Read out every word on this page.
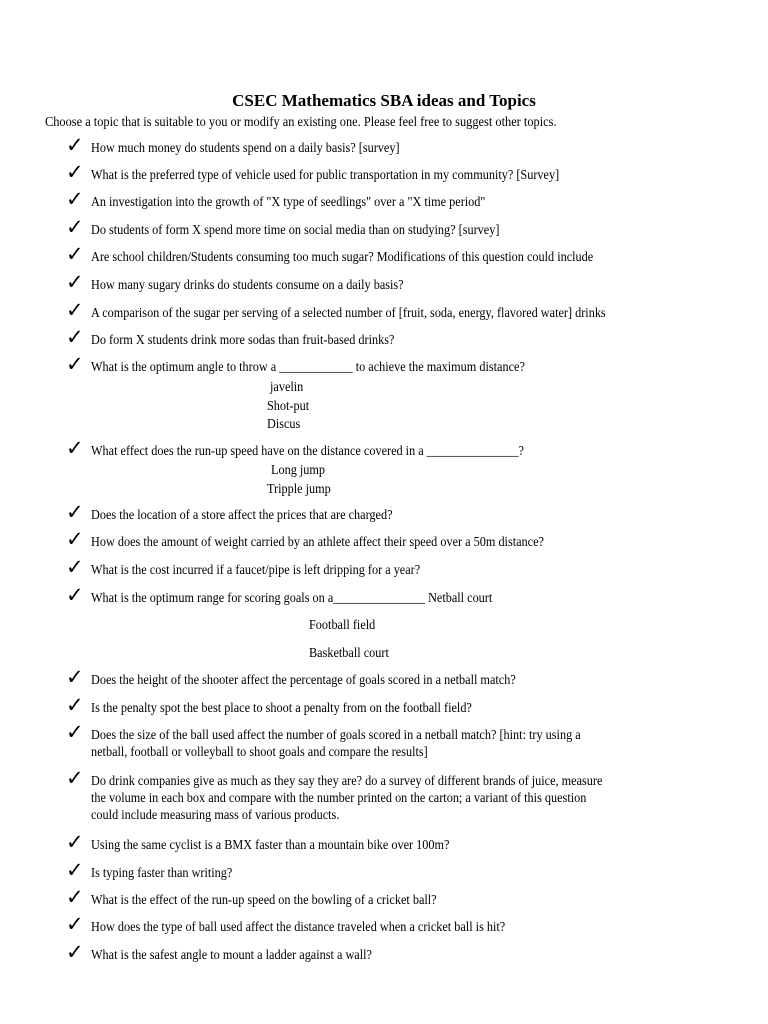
CSEC Mathematics SBA ideas and Topics
Choose a topic that is suitable to you or modify an existing one. Please feel free to suggest other topics.
✓ How much money do students spend on a daily basis? [survey]
✓ What is the preferred type of vehicle used for public transportation in my community? [Survey]
✓ An investigation into the growth of "X type of seedlings" over a "X time period"
✓ Do students of form X spend more time on social media than on studying? [survey]
✓ Are school children/Students consuming too much sugar? Modifications of this question could include
✓ How many sugary drinks do students consume on a daily basis?
✓ A comparison of the sugar per serving of a selected number of [fruit, soda, energy, flavored water] drinks
✓ Do form X students drink more sodas than fruit-based drinks?
✓ What is the optimum angle to throw a ____________ to achieve the maximum distance?
javelin
Shot-put
Discus
✓ What effect does the run-up speed have on the distance covered in a _______________?
Long jump
Tripple jump
✓ Does the location of a store affect the prices that are charged?
✓ How does the amount of weight carried by an athlete affect their speed over a 50m distance?
✓ What is the cost incurred if a faucet/pipe is left dripping for a year?
✓ What is the optimum range for scoring goals on a_______________ Netball court
Football field
Basketball court
✓ Does the height of the shooter affect the percentage of goals scored in a netball match?
✓ Is the penalty spot the best place to shoot a penalty from on the football field?
✓ Does the size of the ball used affect the number of goals scored in a netball match? [hint: try using a
netball, football or volleyball to shoot goals and compare the results]
✓ Do drink companies give as much as they say they are? do a survey of different brands of juice, measure
the volume in each box and compare with the number printed on the carton; a variant of this question
could include measuring mass of various products.
✓ Using the same cyclist is a BMX faster than a mountain bike over 100m?
✓ Is typing faster than writing?
✓ What is the effect of the run-up speed on the bowling of a cricket ball?
✓ How does the type of ball used affect the distance traveled when a cricket ball is hit?
✓ What is the safest angle to mount a ladder against a wall?
